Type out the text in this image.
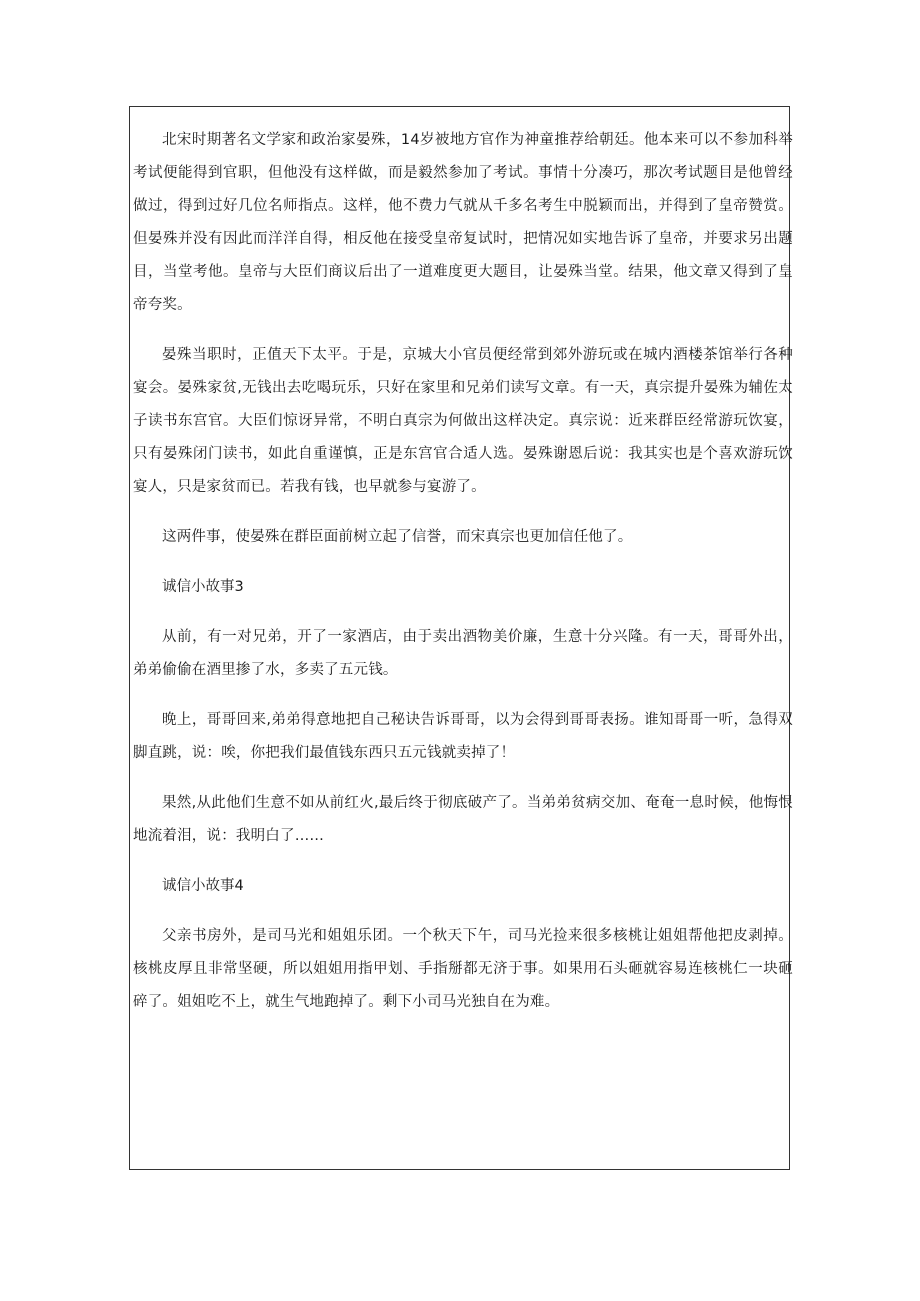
北宋时期著名文学家和政治家晏殊，14岁被地方官作为神童推荐给朝廷。他本来可以不参加科举考试便能得到官职，但他没有这样做，而是毅然参加了考试。事情十分凑巧，那次考试题目是他曾经做过，得到过好几位名师指点。这样，他不费力气就从千多名考生中脱颖而出，并得到了皇帝赞赏。但晏殊并没有因此而洋洋自得，相反他在接受皇帝复试时，把情况如实地告诉了皇帝，并要求另出题目，当堂考他。皇帝与大臣们商议后出了一道难度更大题目，让晏殊当堂。结果，他文章又得到了皇帝夸奖。

晏殊当职时，正值天下太平。于是，京城大小官员便经常到郊外游玩或在城内酒楼茶馆举行各种宴会。晏殊家贫,无钱出去吃喝玩乐，只好在家里和兄弟们读写文章。有一天，真宗提升晏殊为辅佐太子读书东宫官。大臣们惊讶异常，不明白真宗为何做出这样决定。真宗说：近来群臣经常游玩饮宴，只有晏殊闭门读书，如此自重谨慎，正是东宫官合适人选。晏殊谢恩后说：我其实也是个喜欢游玩饮宴人，只是家贫而已。若我有钱，也早就参与宴游了。

这两件事，使晏殊在群臣面前树立起了信誉，而宋真宗也更加信任他了。

诚信小故事3

从前，有一对兄弟，开了一家酒店，由于卖出酒物美价廉，生意十分兴隆。有一天，哥哥外出，弟弟偷偷在酒里掺了水，多卖了五元钱。

晚上，哥哥回来,弟弟得意地把自己秘诀告诉哥哥，以为会得到哥哥表扬。谁知哥哥一听，急得双脚直跳，说：唉，你把我们最值钱东西只五元钱就卖掉了！

果然,从此他们生意不如从前红火,最后终于彻底破产了。当弟弟贫病交加、奄奄一息时候，他悔恨地流着泪，说：我明白了……

诚信小故事4

父亲书房外，是司马光和姐姐乐团。一个秋天下午，司马光捡来很多核桃让姐姐帮他把皮剥掉。核桃皮厚且非常坚硬，所以姐姐用指甲划、手指掰都无济于事。如果用石头砸就容易连核桃仁一块砸碎了。姐姐吃不上，就生气地跑掉了。剩下小司马光独自在为难。
